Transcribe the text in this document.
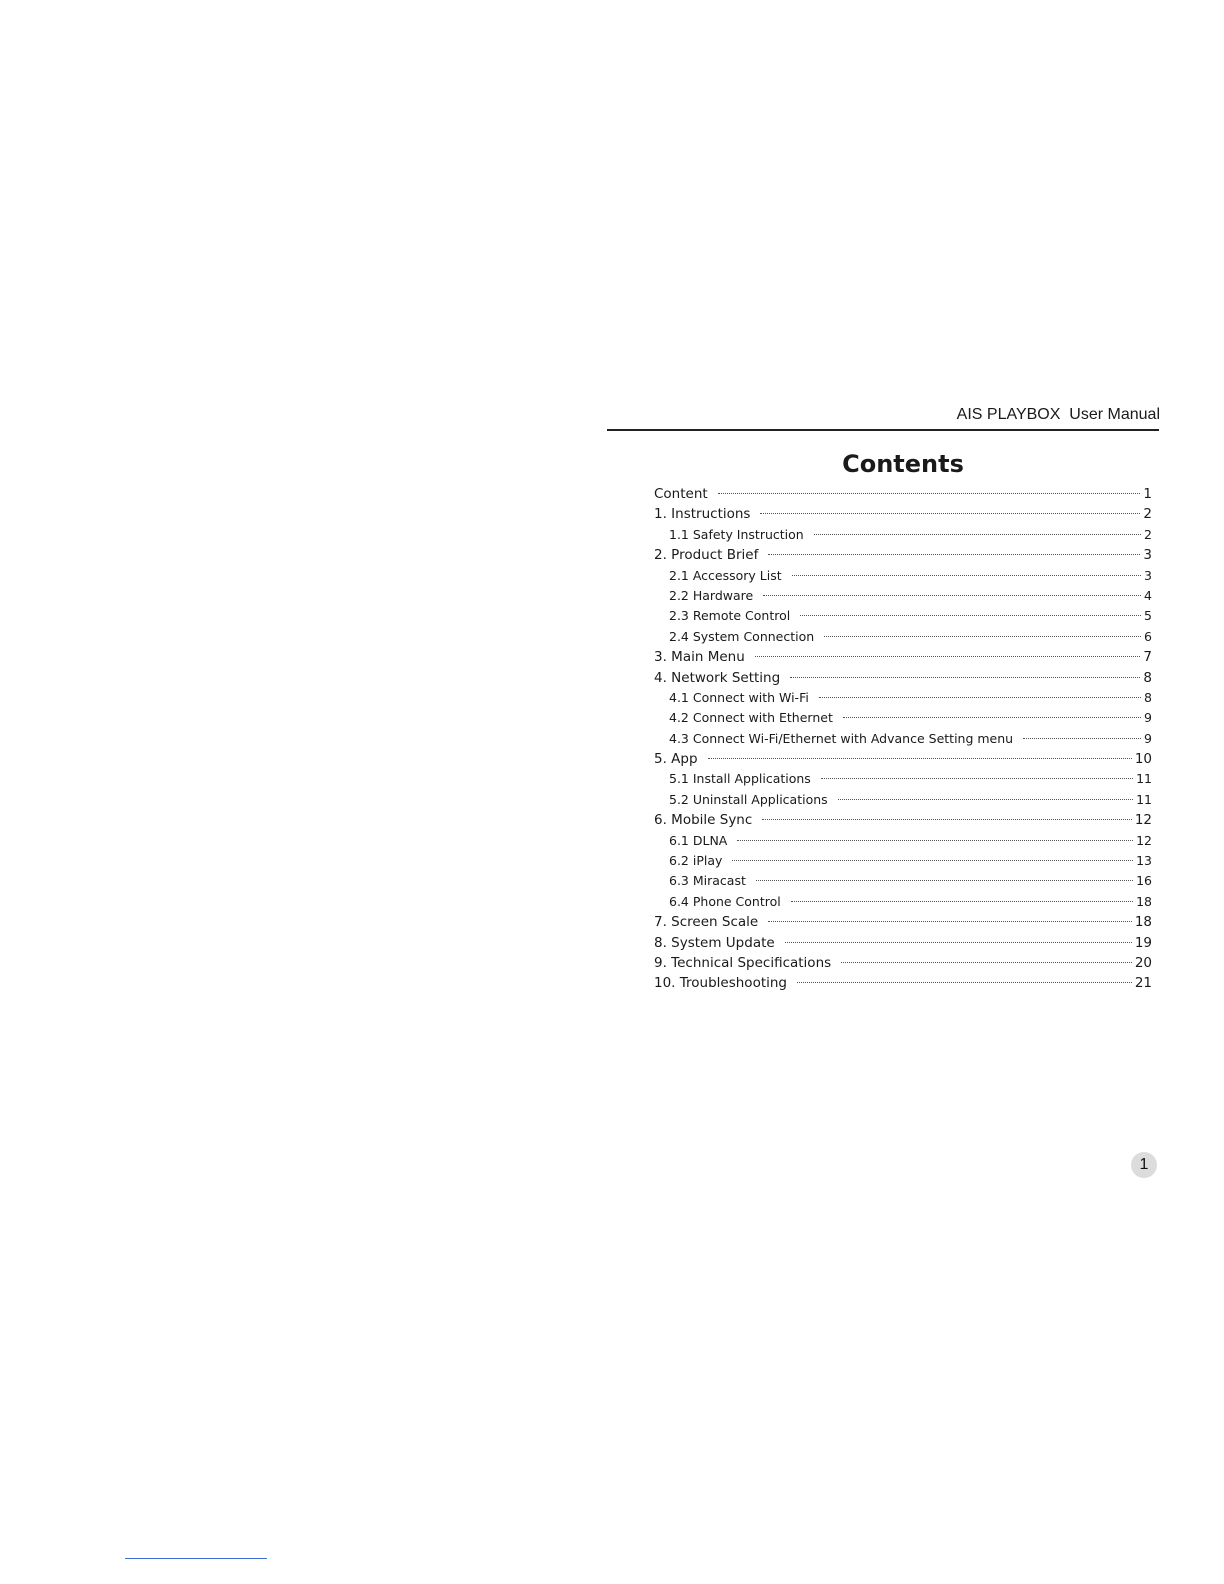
AIS PLAYBOX  User Manual
Contents
Content	1
1. Instructions	2
1.1 Safety Instruction	2
2. Product Brief	3
2.1 Accessory List	3
2.2 Hardware	4
2.3 Remote Control	5
2.4 System Connection	6
3. Main Menu	7
4. Network Setting	8
4.1 Connect with Wi-Fi	8
4.2 Connect with Ethernet	9
4.3 Connect Wi-Fi/Ethernet with Advance Setting menu	9
5. App	10
5.1 Install Applications	11
5.2 Uninstall Applications	11
6. Mobile Sync	12
6.1 DLNA	12
6.2 iPlay	13
6.3 Miracast	16
6.4 Phone Control	18
7. Screen Scale	18
8. System Update	19
9. Technical Specifications	20
10. Troubleshooting	21
1
